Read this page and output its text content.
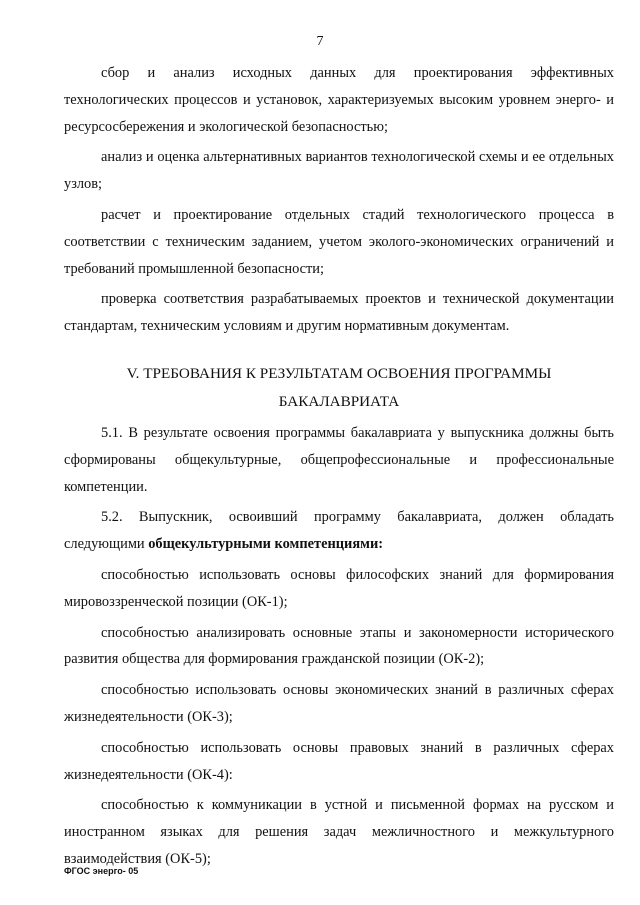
7

сбор и анализ исходных данных для проектирования эффективных технологических процессов и установок, характеризуемых высоким уровнем энерго- и ресурсосбережения и экологической безопасностью;

анализ и оценка альтернативных вариантов технологической схемы и ее отдельных узлов;

расчет и проектирование отдельных стадий технологического процесса в соответствии с техническим заданием, учетом эколого-экономических ограничений и требований промышленной безопасности;

проверка соответствия разрабатываемых проектов и технической документации стандартам, техническим условиям и другим нормативным документам.

V. ТРЕБОВАНИЯ К РЕЗУЛЬТАТАМ ОСВОЕНИЯ ПРОГРАММЫ
БАКАЛАВРИАТА

5.1. В результате освоения программы бакалавриата у выпускника должны быть сформированы общекультурные, общепрофессиональные и профессиональные компетенции.

5.2. Выпускник, освоивший программу бакалавриата, должен обладать следующими общекультурными компетенциями:

способностью использовать основы философских знаний для формирования мировоззренческой позиции (ОК-1);

способностью анализировать основные этапы и закономерности исторического развития общества для формирования гражданской позиции (ОК-2);

способностью использовать основы экономических знаний в различных сферах жизнедеятельности (ОК-3);

способностью использовать основы правовых знаний в различных сферах жизнедеятельности (ОК-4):

способностью к коммуникации в устной и письменной формах на русском и иностранном языках для решения задач межличностного и межкультурного взаимодействия (ОК-5);

ФГОС энерго- 05
